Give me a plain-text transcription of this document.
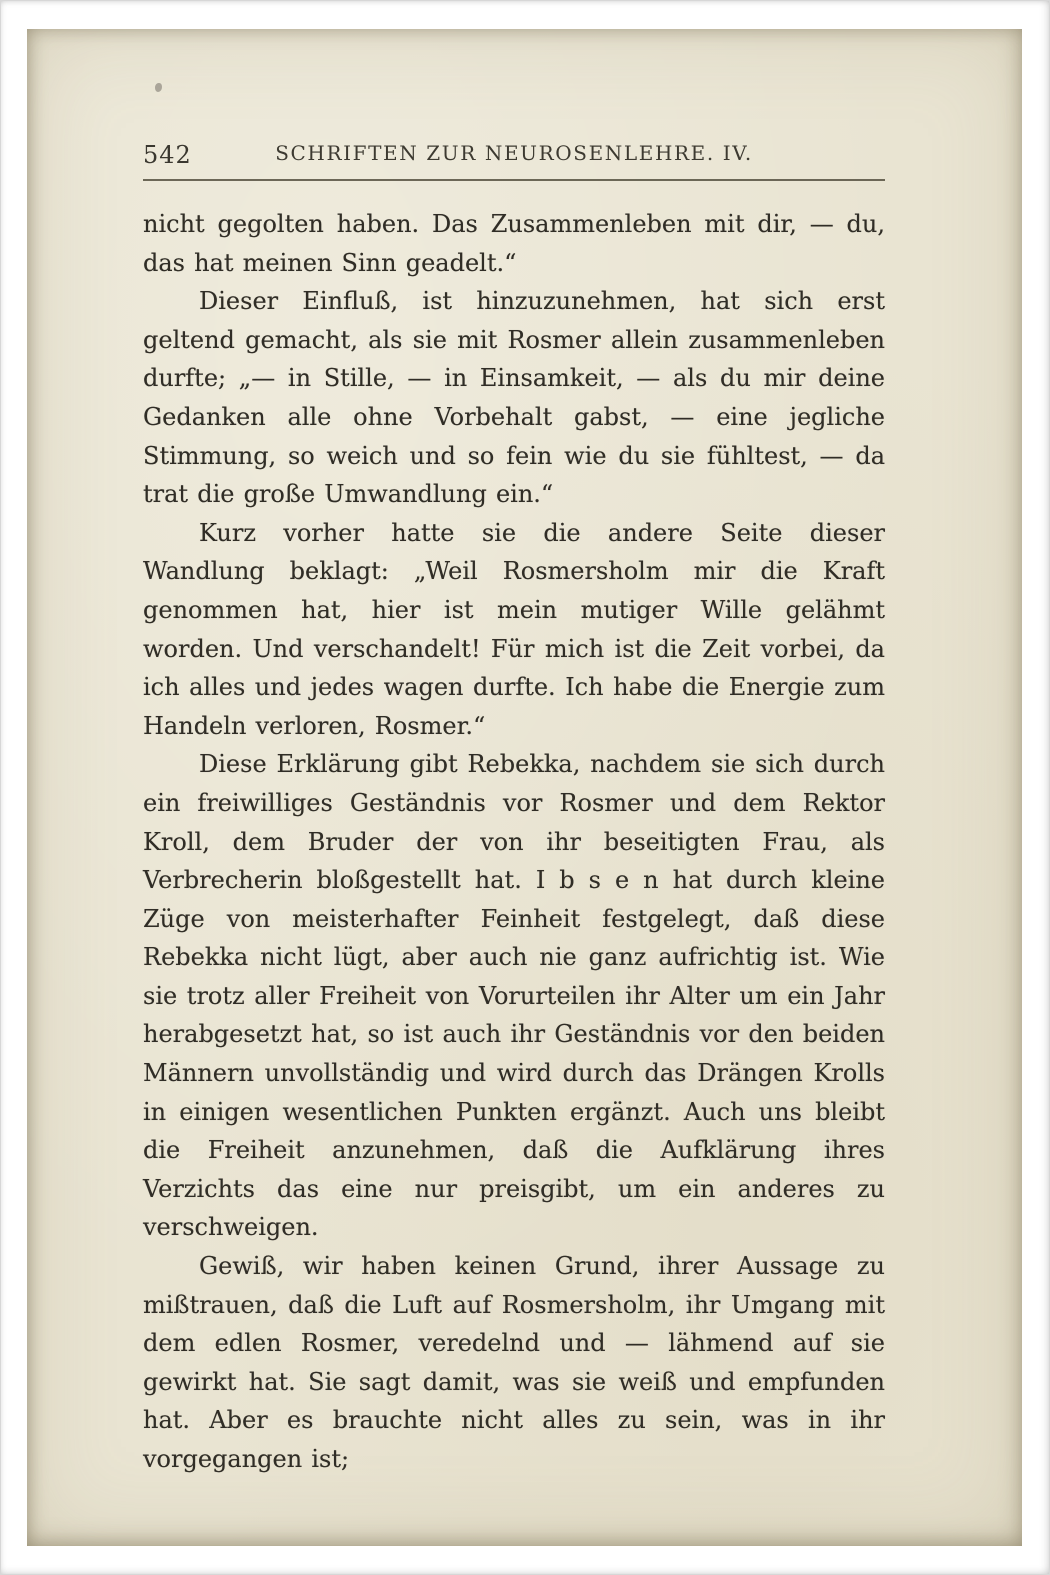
542	SCHRIFTEN ZUR NEUROSENLEHRE. IV.

nicht gegolten haben. Das Zusammenleben mit dir, — du, das hat meinen Sinn geadelt.“

Dieser Einfluß, ist hinzuzunehmen, hat sich erst geltend gemacht, als sie mit Rosmer allein zusammenleben durfte; „— in Stille, — in Einsamkeit, — als du mir deine Gedanken alle ohne Vorbehalt gabst, — eine jegliche Stimmung, so weich und so fein wie du sie fühltest, — da trat die große Umwandlung ein.“

Kurz vorher hatte sie die andere Seite dieser Wandlung beklagt: „Weil Rosmersholm mir die Kraft genommen hat, hier ist mein mutiger Wille gelähmt worden. Und verschandelt! Für mich ist die Zeit vorbei, da ich alles und jedes wagen durfte. Ich habe die Energie zum Handeln verloren, Rosmer.“

Diese Erklärung gibt Rebekka, nachdem sie sich durch ein freiwilliges Geständnis vor Rosmer und dem Rektor Kroll, dem Bruder der von ihr beseitigten Frau, als Verbrecherin bloßgestellt hat. I b s e n hat durch kleine Züge von meisterhafter Feinheit festgelegt, daß diese Rebekka nicht lügt, aber auch nie ganz aufrichtig ist. Wie sie trotz aller Freiheit von Vorurteilen ihr Alter um ein Jahr herabgesetzt hat, so ist auch ihr Geständnis vor den beiden Männern unvollständig und wird durch das Drängen Krolls in einigen wesentlichen Punkten ergänzt. Auch uns bleibt die Freiheit anzunehmen, daß die Aufklärung ihres Verzichts das eine nur preisgibt, um ein anderes zu verschweigen.

Gewiß, wir haben keinen Grund, ihrer Aussage zu mißtrauen, daß die Luft auf Rosmersholm, ihr Umgang mit dem edlen Rosmer, veredelnd und — lähmend auf sie gewirkt hat. Sie sagt damit, was sie weiß und empfunden hat. Aber es brauchte nicht alles zu sein, was in ihr vorgegangen ist;
